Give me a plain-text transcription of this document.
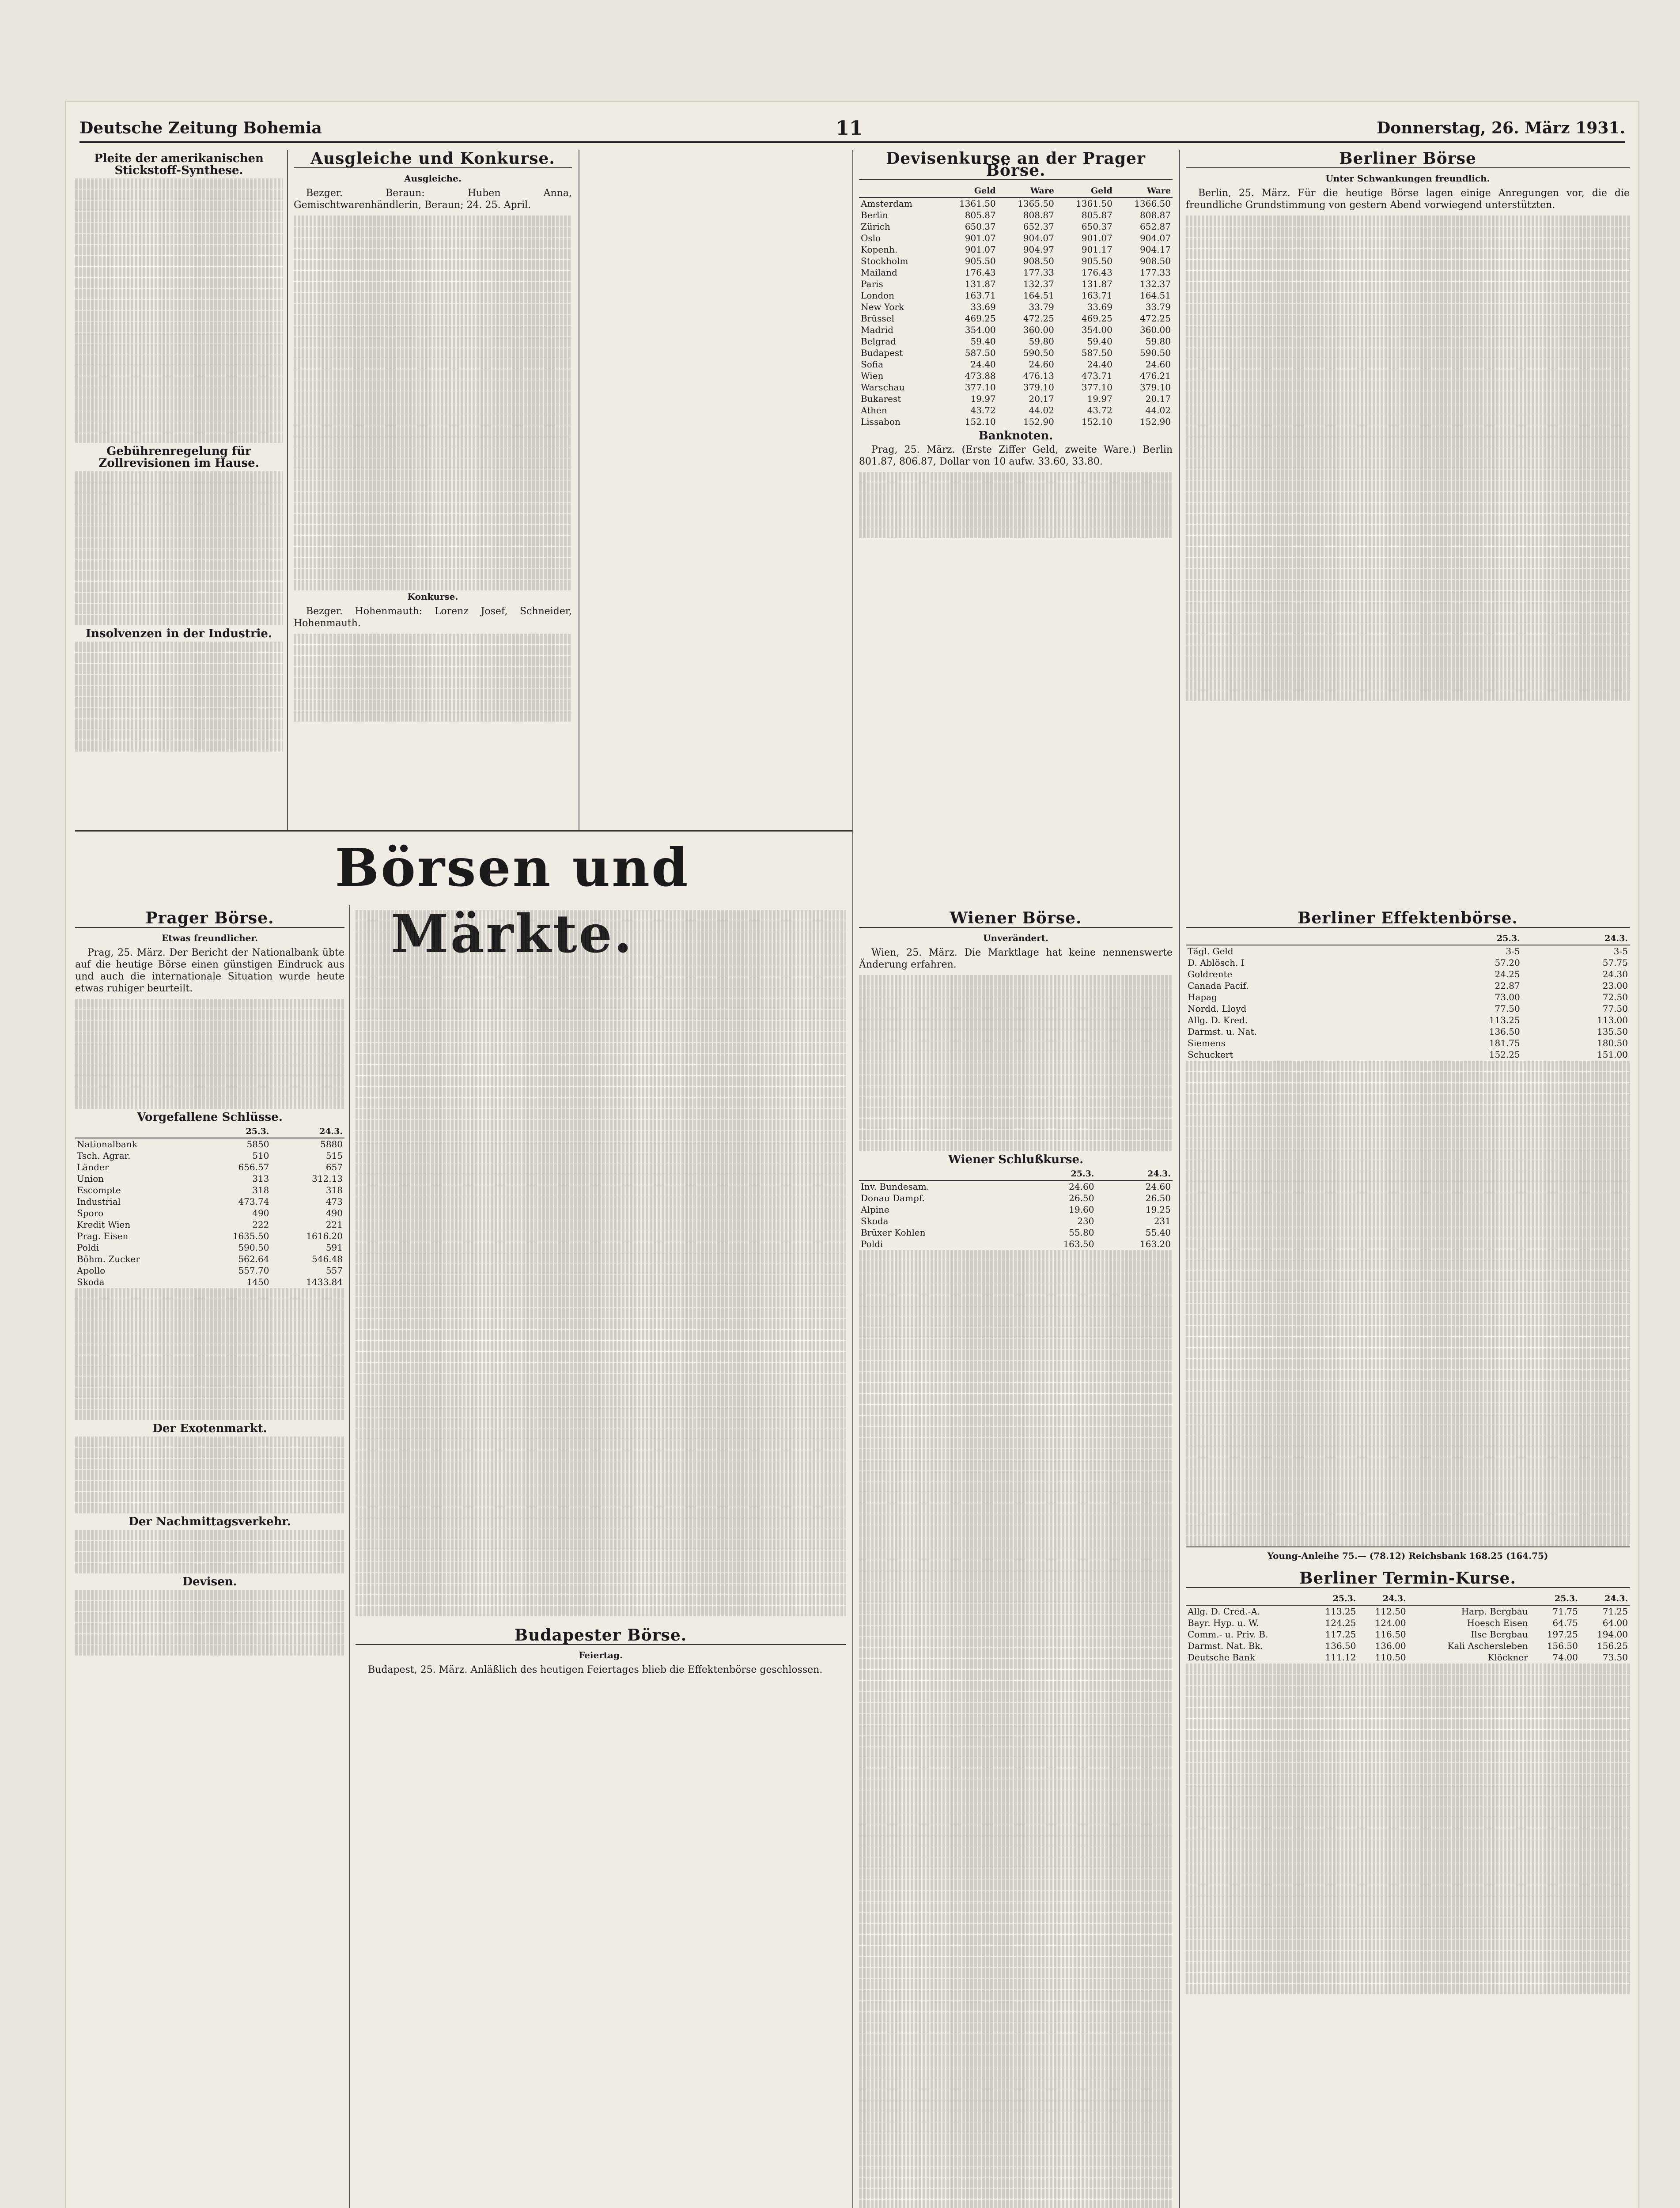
Deutsche Zeitung Bohemia	11	Donnerstag, 26. März 1931.
Pleite der amerikanischen Stickstoff-Synthese.
Gebührenregelung für Zollrevisionen im Hause.
Insolvenzen in der Industrie.
Ausgleiche und Konkurse.
Ausgleiche.

Bezger. Beraun: Huben Anna, Gemischtwarenhändlerin, Beraun; 24. 25. April.

Konkurse.

Bezger. Hohenmauth: Lorenz Josef, Schneider, Hohenmauth.

Devisenkurse an der Prager Börse.
	Geld	Ware	Geld	Ware
Amsterdam	1361.50	1365.50	1361.50	1366.50
Berlin	805.87	808.87	805.87	808.87
Zürich	650.37	652.37	650.37	652.87
Oslo	901.07	904.07	901.07	904.07
Kopenh.	901.07	904.97	901.17	904.17
Stockholm	905.50	908.50	905.50	908.50
Mailand	176.43	177.33	176.43	177.33
Paris	131.87	132.37	131.87	132.37
London	163.71	164.51	163.71	164.51
New York	33.69	33.79	33.69	33.79
Brüssel	469.25	472.25	469.25	472.25
Madrid	354.00	360.00	354.00	360.00
Belgrad	59.40	59.80	59.40	59.80
Budapest	587.50	590.50	587.50	590.50
Sofia	24.40	24.60	24.40	24.60
Wien	473.88	476.13	473.71	476.21
Warschau	377.10	379.10	377.10	379.10
Bukarest	19.97	20.17	19.97	20.17
Athen	43.72	44.02	43.72	44.02
Lissabon	152.10	152.90	152.10	152.90
Banknoten.

Prag, 25. März. (Erste Ziffer Geld, zweite Ware.) Berlin 801.87, 806.87, Dollar von 10 aufw. 33.60, 33.80.

Berliner Börse
Unter Schwankungen freundlich.

Berlin, 25. März. Für die heutige Börse lagen einige Anregungen vor, die die freundliche Grundstimmung von gestern Abend vorwiegend unterstützten.

Börsen und Märkte.
Prager Börse.
Etwas freundlicher.

Prag, 25. März. Der Bericht der Nationalbank übte auf die heutige Börse einen günstigen Eindruck aus und auch die internationale Situation wurde heute etwas ruhiger beurteilt.

Vorgefallene Schlüsse.
	25.3.	24.3.
Nationalbank	5850	5880
Tsch. Agrar.	510	515
Länder	656.57	657
Union	313	312.13
Escompte	318	318
Industrial	473.74	473
Sporo	490	490
Kredit Wien	222	221
Prag. Eisen	1635.50	1616.20
Poldi	590.50	591
Böhm. Zucker	562.64	546.48
Apollo	557.70	557
Skoda	1450	1433.84
Der Exotenmarkt.
Der Nachmittagsverkehr.
Devisen.
Budapester Börse.
Feiertag.

Budapest, 25. März. Anläßlich des heutigen Feiertages blieb die Effektenbörse geschlossen.

Wiener Börse.
Unverändert.

Wien, 25. März. Die Marktlage hat keine nennenswerte Änderung erfahren.

Wiener Schlußkurse.
	25.3.	24.3.
Inv. Bundesam.	24.60	24.60
Donau Dampf.	26.50	26.50
Alpine	19.60	19.25
Skoda	230	231
Brüxer Kohlen	55.80	55.40
Poldi	163.50	163.20
Berliner Effektenbörse.
	25.3.	24.3.
Tägl. Geld	3-5	3-5
D. Ablösch. I	57.20	57.75
Goldrente	24.25	24.30
Canada Pacif.	22.87	23.00
Hapag	73.00	72.50
Nordd. Lloyd	77.50	77.50
Allg. D. Kred.	113.25	113.00
Darmst. u. Nat.	136.50	135.50
Siemens	181.75	180.50
Schuckert	152.25	151.00
Young-Anleihe 75.— (78.12) Reichsbank 168.25 (164.75)
Berliner Termin-Kurse.
	25.3.	24.3.		25.3.	24.3.
Allg. D. Cred.-A.	113.25	112.50	Harp. Bergbau	71.75	71.25
Bayr. Hyp. u. W.	124.25	124.00	Hoesch Eisen	64.75	64.00
Comm.- u. Priv. B.	117.25	116.50	Ilse Bergbau	197.25	194.00
Darmst. Nat. Bk.	136.50	136.00	Kali Aschersleben	156.50	156.25
Deutsche Bank	111.12	110.50	Klöckner	74.00	73.50
